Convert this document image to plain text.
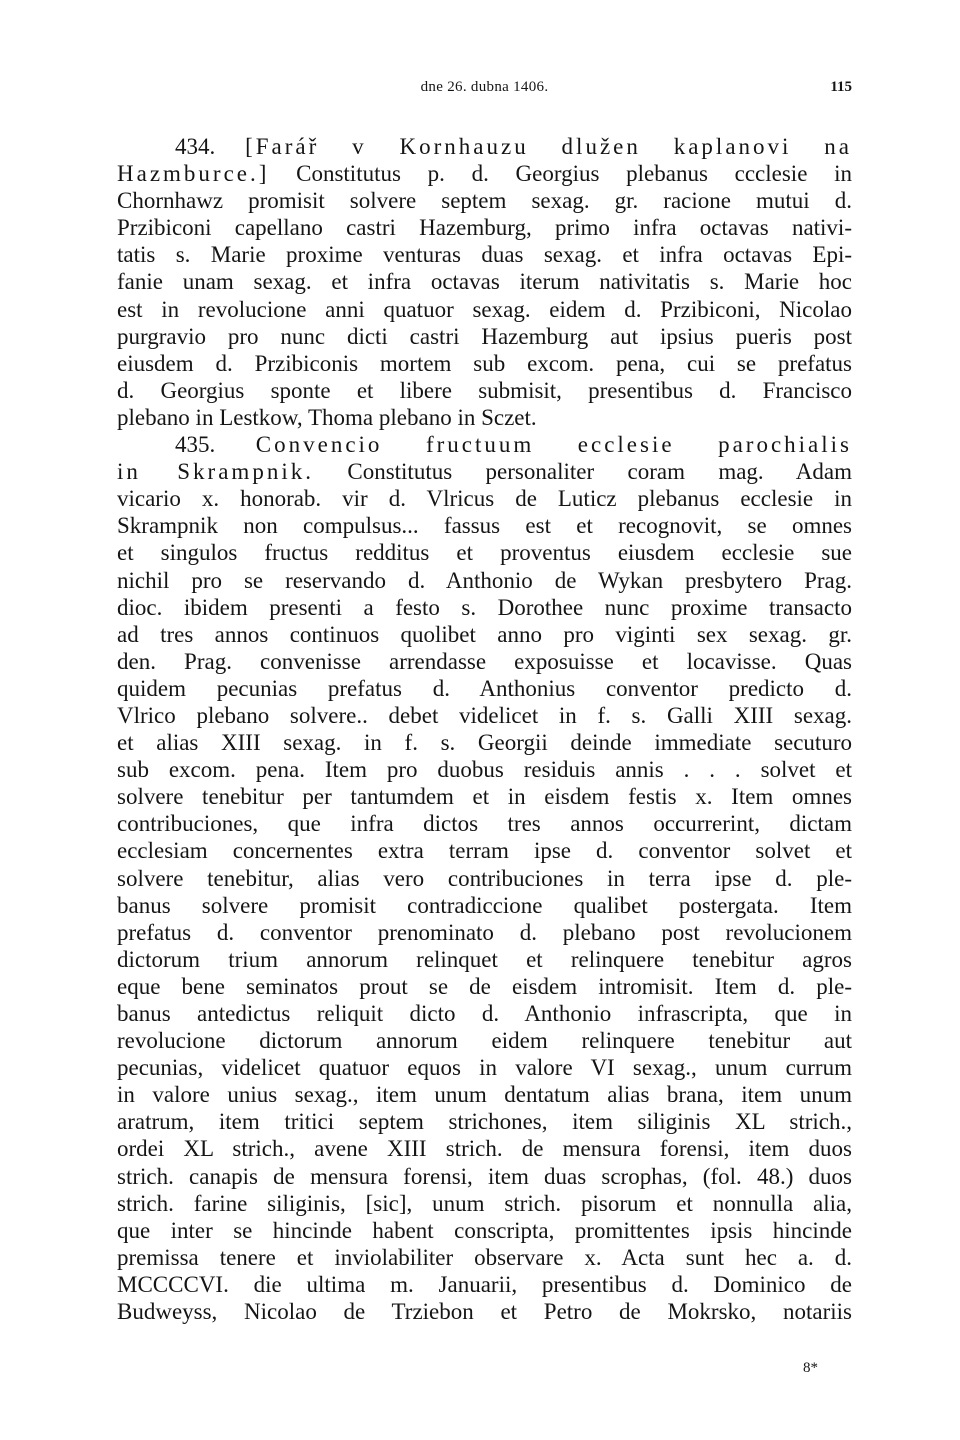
dne 26. dubna 1406.	115
434. [Farář v Kornhauzu dlužen kaplanovi na
Hazmburce.] Constitutus p. d. Georgius plebanus ccclesie in
Chornhawz promisit solvere septem sexag. gr. racione mutui d.
Przibiconi capellano castri Hazemburg, primo infra octavas nativi-
tatis s. Marie proxime venturas duas sexag. et infra octavas Epi-
fanie unam sexag. et infra octavas iterum nativitatis s. Marie hoc
est in revolucione anni quatuor sexag. eidem d. Przibiconi, Nicolao
purgravio pro nunc dicti castri Hazemburg aut ipsius pueris post
eiusdem d. Przibiconis mortem sub excom. pena, cui se prefatus
d. Georgius sponte et libere submisit, presentibus d. Francisco
plebano in Lestkow, Thoma plebano in Sczet.
435. Convencio fructuum ecclesie parochialis
in Skrampnik. Constitutus personaliter coram mag. Adam
vicario x. honorab. vir d. Vlricus de Luticz plebanus ecclesie in
Skrampnik non compulsus... fassus est et recognovit, se omnes
et singulos fructus redditus et proventus eiusdem ecclesie sue
nichil pro se reservando d. Anthonio de Wykan presbytero Prag.
dioc. ibidem presenti a festo s. Dorothee nunc proxime transacto
ad tres annos continuos quolibet anno pro viginti sex sexag. gr.
den. Prag. convenisse arrendasse exposuisse et locavisse. Quas
quidem pecunias prefatus d. Anthonius conventor predicto d.
Vlrico plebano solvere.. debet videlicet in f. s. Galli XIII sexag.
et alias XIII sexag. in f. s. Georgii deinde immediate secuturo
sub excom. pena. Item pro duobus residuis annis . . . solvet et
solvere tenebitur per tantumdem et in eisdem festis x. Item omnes
contribuciones, que infra dictos tres annos occurrerint, dictam
ecclesiam concernentes extra terram ipse d. conventor solvet et
solvere tenebitur, alias vero contribuciones in terra ipse d. ple-
banus solvere promisit contradiccione qualibet postergata. Item
prefatus d. conventor prenominato d. plebano post revolucionem
dictorum trium annorum relinquet et relinquere tenebitur agros
eque bene seminatos prout se de eisdem intromisit. Item d. ple-
banus antedictus reliquit dicto d. Anthonio infrascripta, que in
revolucione dictorum annorum eidem relinquere tenebitur aut
pecunias, videlicet quatuor equos in valore VI sexag., unum currum
in valore unius sexag., item unum dentatum alias brana, item unum
aratrum, item tritici septem strichones, item siliginis XL strich.,
ordei XL strich., avene XIII strich. de mensura forensi, item duos
strich. canapis de mensura forensi, item duas scrophas, (fol. 48.) duos
strich. farine siliginis, [sic], unum strich. pisorum et nonnulla alia,
que inter se hincinde habent conscripta, promittentes ipsis hincinde
premissa tenere et inviolabiliter observare x. Acta sunt hec a. d.
MCCCCVI. die ultima m. Januarii, presentibus d. Dominico de
Budweyss, Nicolao de Trziebon et Petro de Mokrsko, notariis
8*
